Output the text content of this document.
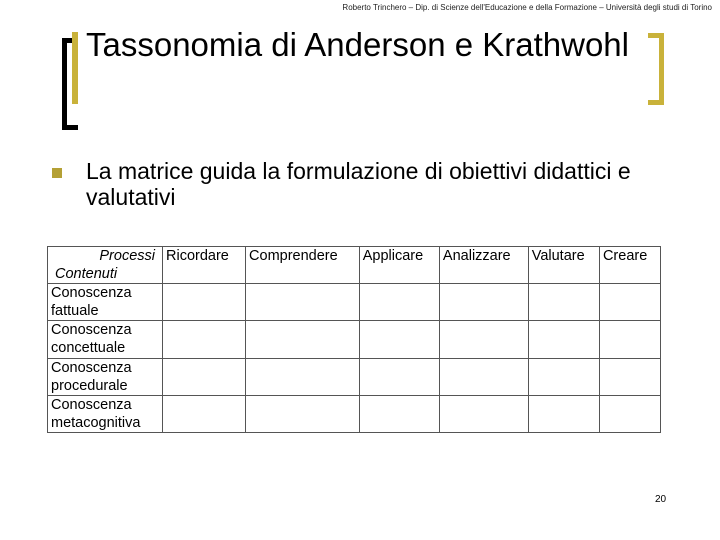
Roberto Trinchero – Dip. di Scienze dell'Educazione e della Formazione – Università degli studi di Torino
Tassonomia di Anderson e Krathwohl
La matrice guida la formulazione di obiettivi didattici e valutativi
Processi
Contenuti	Ricordare	Comprendere	Applicare	Analizzare	Valutare	Creare
Conoscenza fattuale						
Conoscenza concettuale						
Conoscenza procedurale						
Conoscenza metacognitiva						
20
